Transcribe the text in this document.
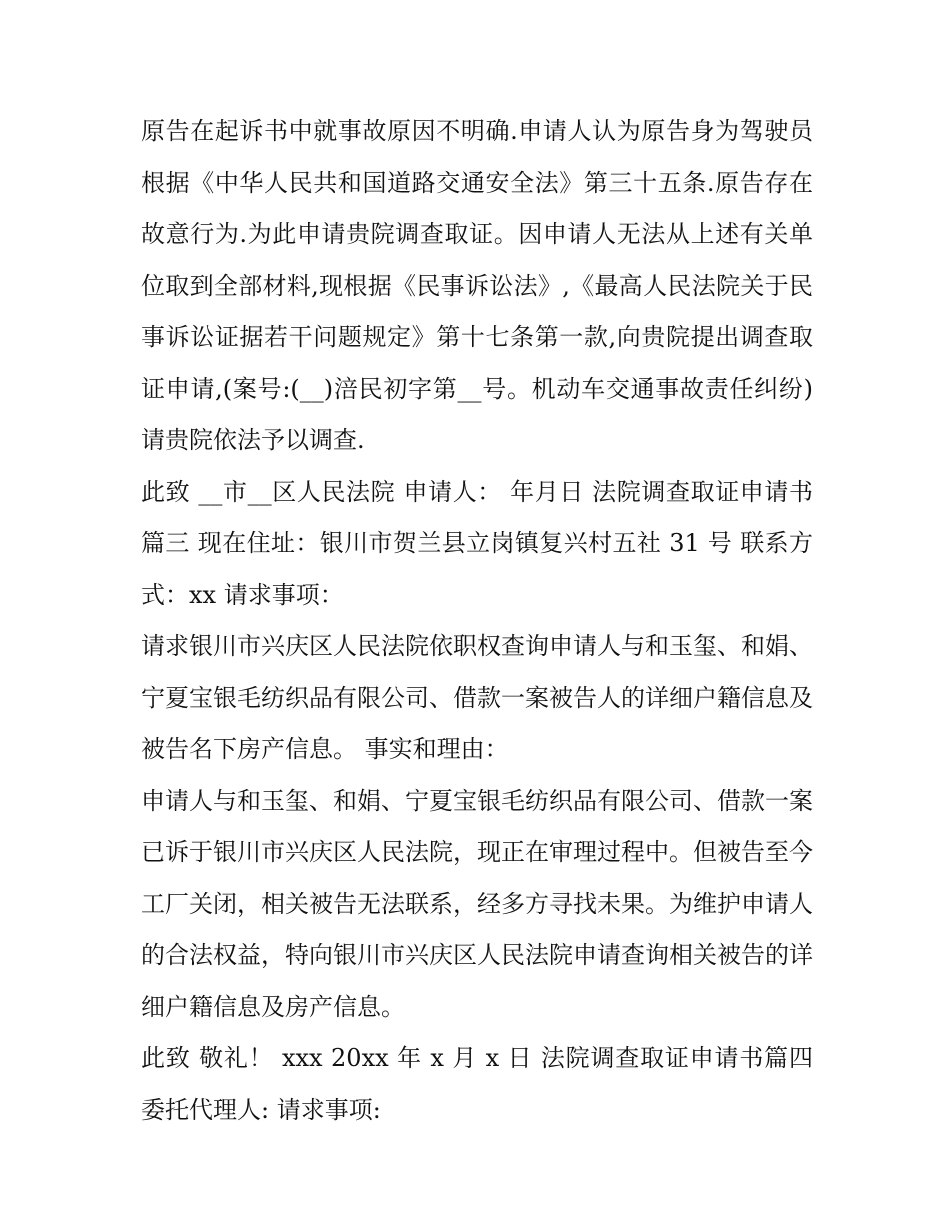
原告在起诉书中就事故原因不明确.申请人认为原告身为驾驶员根据《中华人民共和国道路交通安全法》第三十五条.原告存在故意行为.为此申请贵院调查取证。因申请人无法从上述有关单位取到全部材料,现根据《民事诉讼法》,《最高人民法院关于民事诉讼证据若干问题规定》第十七条第一款,向贵院提出调查取证申请,(案号:(__)涪民初字第__号。机动车交通事故责任纠纷)请贵院依法予以调查.

此致 __市__区人民法院 申请人： 年月日 法院调查取证申请书篇三 现在住址：银川市贺兰县立岗镇复兴村五社 31 号 联系方式：xx 请求事项：

请求银川市兴庆区人民法院依职权查询申请人与和玉玺、和娟、宁夏宝银毛纺织品有限公司、借款一案被告人的详细户籍信息及被告名下房产信息。 事实和理由：

申请人与和玉玺、和娟、宁夏宝银毛纺织品有限公司、借款一案已诉于银川市兴庆区人民法院，现正在审理过程中。但被告至今工厂关闭，相关被告无法联系，经多方寻找未果。为维护申请人的合法权益，特向银川市兴庆区人民法院申请查询相关被告的详细户籍信息及房产信息。

此致 敬礼！ xxx 20xx 年 x 月 x 日 法院调查取证申请书篇四 委托代理人: 请求事项:
